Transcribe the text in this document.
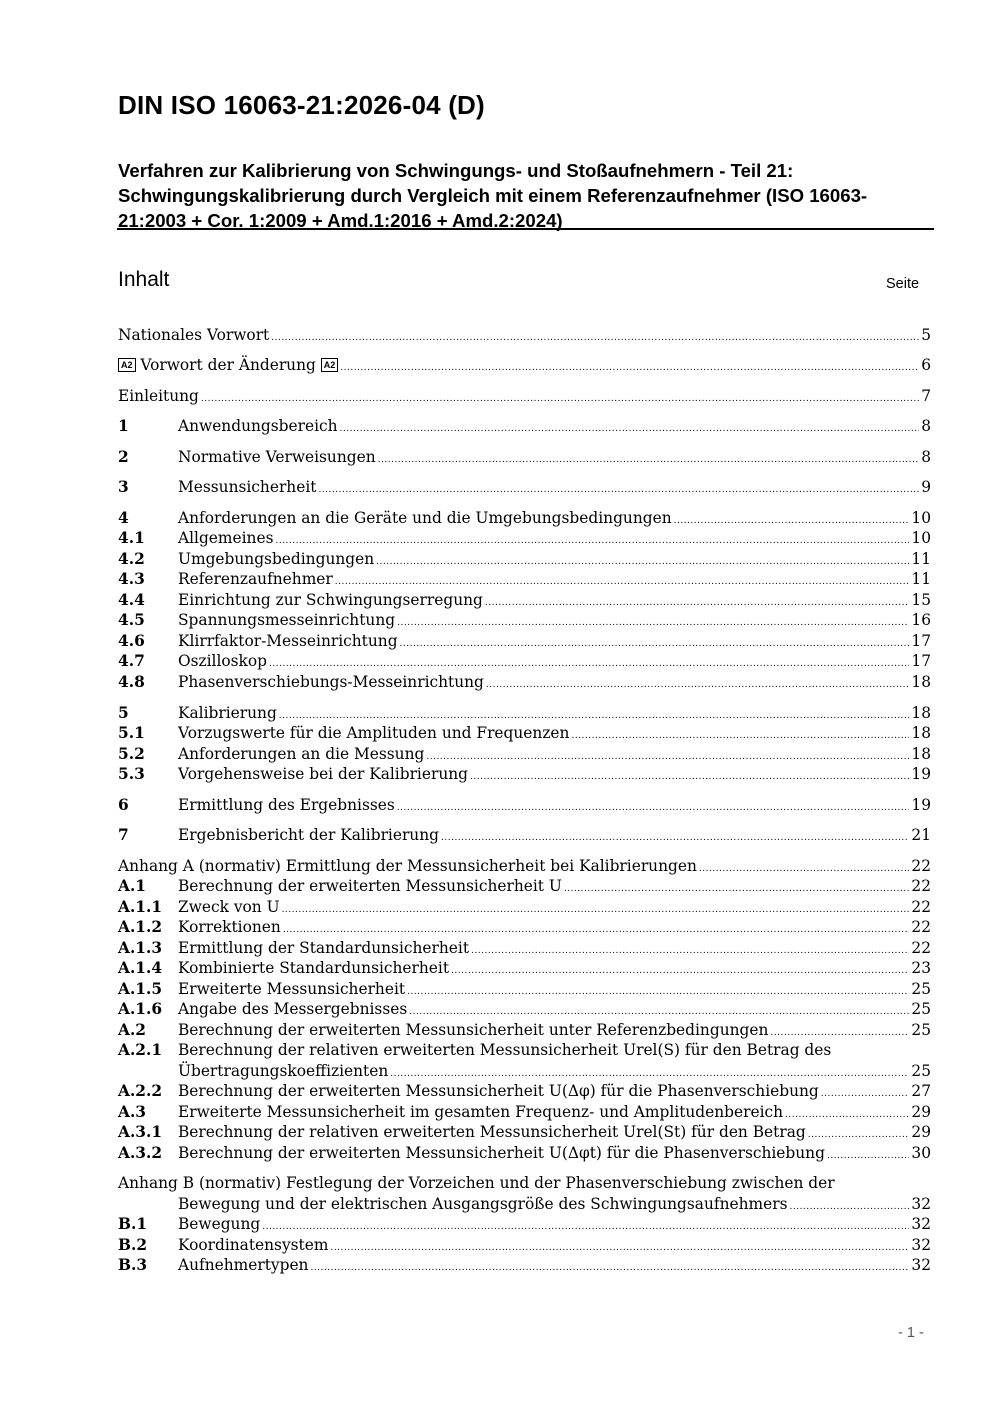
DIN ISO 16063-21:2026-04 (D)
Verfahren zur Kalibrierung von Schwingungs- und Stoßaufnehmern - Teil 21:
Schwingungskalibrierung durch Vergleich mit einem Referenzaufnehmer (ISO 16063-
21:2003 + Cor. 1:2009 + Amd.1:2016 + Amd.2:2024)
Inhalt	Seite
Nationales Vorwort .....	5
A2 Vorwort der Änderung A2 .....	6
Einleitung .....	7
1	Anwendungsbereich .....	8
2	Normative Verweisungen .....	8
3	Messunsicherheit .....	9
4	Anforderungen an die Geräte und die Umgebungsbedingungen .....	10
4.1 Allgemeines .....	10
4.2 Umgebungsbedingungen .....	11
4.3 Referenzaufnehmer .....	11
4.4 Einrichtung zur Schwingungserregung .....	15
4.5 Spannungsmesseinrichtung .....	16
4.6 Klirrfaktor-Messeinrichtung .....	17
4.7 Oszilloskop .....	17
4.8 Phasenverschiebungs-Messeinrichtung .....	18
5	Kalibrierung .....	18
5.1 Vorzugswerte für die Amplituden und Frequenzen .....	18
5.2 Anforderungen an die Messung .....	18
5.3 Vorgehensweise bei der Kalibrierung .....	19
6	Ermittlung des Ergebnisses .....	19
7	Ergebnisbericht der Kalibrierung .....	21
Anhang A (normativ) Ermittlung der Messunsicherheit bei Kalibrierungen .....	22
A.1 Berechnung der erweiterten Messunsicherheit U .....	22
A.1.1 Zweck von U .....	22
A.1.2 Korrektionen .....	22
A.1.3 Ermittlung der Standardunsicherheit .....	22
A.1.4 Kombinierte Standardunsicherheit .....	23
A.1.5 Erweiterte Messunsicherheit .....	25
A.1.6 Angabe des Messergebnisses .....	25
A.2 Berechnung der erweiterten Messunsicherheit unter Referenzbedingungen .....	25
A.2.1 Berechnung der relativen erweiterten Messunsicherheit Urel(S) für den Betrag des
Übertragungskoeffizienten .....	25
A.2.2 Berechnung der erweiterten Messunsicherheit U(Δφ) für die Phasenverschiebung .....	27
A.3 Erweiterte Messunsicherheit im gesamten Frequenz- und Amplitudenbereich .....	29
A.3.1 Berechnung der relativen erweiterten Messunsicherheit Urel(St) für den Betrag .....	29
A.3.2 Berechnung der erweiterten Messunsicherheit U(Δφt) für die Phasenverschiebung .....	30
Anhang B (normativ) Festlegung der Vorzeichen und der Phasenverschiebung zwischen der
Bewegung und der elektrischen Ausgangsgröße des Schwingungsaufnehmers .....	32
B.1 Bewegung .....	32
B.2 Koordinatensystem .....	32
B.3 Aufnehmertypen .....	32
- 1 -
